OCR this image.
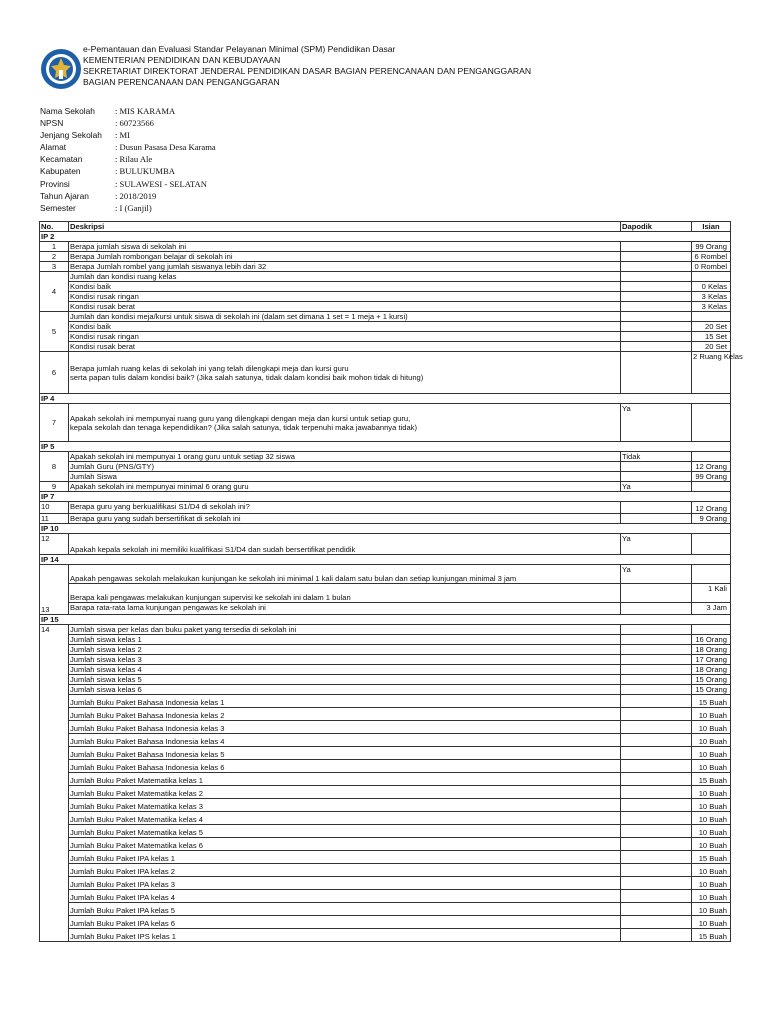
e-Pemantauan dan Evaluasi Standar Pelayanan Minimal (SPM) Pendidikan Dasar
KEMENTERIAN PENDIDIKAN DAN KEBUDAYAAN
SEKRETARIAT DIREKTORAT JENDERAL PENDIDIKAN DASAR BAGIAN PERENCANAAN DAN PENGANGGARAN
BAGIAN PERENCANAAN DAN PENGANGGARAN
Nama Sekolah	: MIS KARAMA
NPSN	: 60723566
Jenjang Sekolah	: MI
Alamat	: Dusun Pasasa Desa Karama
Kecamatan	: Rilau Ale
Kabupaten	: BULUKUMBA
Provinsi	: SULAWESI - SELATAN
Tahun Ajaran	: 2018/2019
Semester	: I (Ganjil)
No.	Deskripsi	Dapodik	Isian
IP 2			
1	Berapa jumlah siswa di sekolah ini		99 Orang
2	Berapa Jumlah rombongan belajar di sekolah ini		6 Rombel
3	Berapa Jumlah rombel yang jumlah siswanya lebih dari 32		0 Rombel
4	Jumlah dan kondisi ruang kelas		
	Kondisi baik		0 Kelas
	Kondisi rusak ringan		3 Kelas
	Kondisi rusak berat		3 Kelas
5	Jumlah dan kondisi meja/kursi untuk siswa di sekolah ini (dalam set dimana 1 set = 1 meja + 1 kursi)		
	Kondisi baik		20 Set
	Kondisi rusak ringan		15 Set
	Kondisi rusak berat		20 Set
6	Berapa jumlah ruang kelas di sekolah ini yang telah dilengkapi meja dan kursi guru
serta papan tulis dalam kondisi baik? (Jika salah satunya, tidak dalam kondisi baik mohon tidak di hitung)		2 Ruang Kelas
IP 4			
7	Apakah sekolah ini mempunyai ruang guru yang dilengkapi dengan meja dan kursi untuk setiap guru,
kepala sekolah dan tenaga kependidikan? (Jika salah satunya, tidak terpenuhi maka jawabannya tidak)	Ya	
IP 5			
8	Apakah sekolah ini mempunyai 1 orang guru untuk setiap 32 siswa	Tidak	
	Jumlah Guru (PNS/GTY)		12 Orang
	Jumlah Siswa		99 Orang
9	Apakah sekolah ini mempunyai minimal 6 orang guru	Ya	
IP 7			
10	Berapa guru yang berkualifikasi S1/D4 di sekolah ini?		12 Orang
11	Berapa guru yang sudah bersertifikat di sekolah ini		9 Orang
IP 10			
12	Apakah kepala sekolah ini memiliki kualifikasi S1/D4 dan sudah bersertifikat pendidik	Ya	
IP 14			
13	Apakah pengawas sekolah melakukan kunjungan ke sekolah ini minimal 1 kali dalam satu bulan dan setiap kunjungan minimal 3 jam	Ya	
	Berapa kali pengawas melakukan kunjungan supervisi ke sekolah ini dalam 1 bulan		1 Kali
	Barapa rata-rata lama kunjungan pengawas ke sekolah ini		3 Jam
IP 15			
14	Jumlah siswa per kelas dan buku paket yang tersedia di sekolah ini		
	Jumlah siswa kelas 1		16 Orang
	Jumlah siswa kelas 2		18 Orang
	Jumlah siswa kelas 3		17 Orang
	Jumlah siswa kelas 4		18 Orang
	Jumlah siswa kelas 5		15 Orang
	Jumlah siswa kelas 6		15 Orang
	Jumlah Buku Paket Bahasa Indonesia kelas 1		15 Buah
	Jumlah Buku Paket Bahasa Indonesia kelas 2		10 Buah
	Jumlah Buku Paket Bahasa Indonesia kelas 3		10 Buah
	Jumlah Buku Paket Bahasa Indonesia kelas 4		10 Buah
	Jumlah Buku Paket Bahasa Indonesia kelas 5		10 Buah
	Jumlah Buku Paket Bahasa Indonesia kelas 6		10 Buah
	Jumlah Buku Paket Matematika kelas 1		15 Buah
	Jumlah Buku Paket Matematika kelas 2		10 Buah
	Jumlah Buku Paket Matematika kelas 3		10 Buah
	Jumlah Buku Paket Matematika kelas 4		10 Buah
	Jumlah Buku Paket Matematika kelas 5		10 Buah
	Jumlah Buku Paket Matematika kelas 6		10 Buah
	Jumlah Buku Paket IPA kelas 1		15 Buah
	Jumlah Buku Paket IPA kelas 2		10 Buah
	Jumlah Buku Paket IPA kelas 3		10 Buah
	Jumlah Buku Paket IPA kelas 4		10 Buah
	Jumlah Buku Paket IPA kelas 5		10 Buah
	Jumlah Buku Paket IPA kelas 6		10 Buah
	Jumlah Buku Paket IPS kelas 1		15 Buah
